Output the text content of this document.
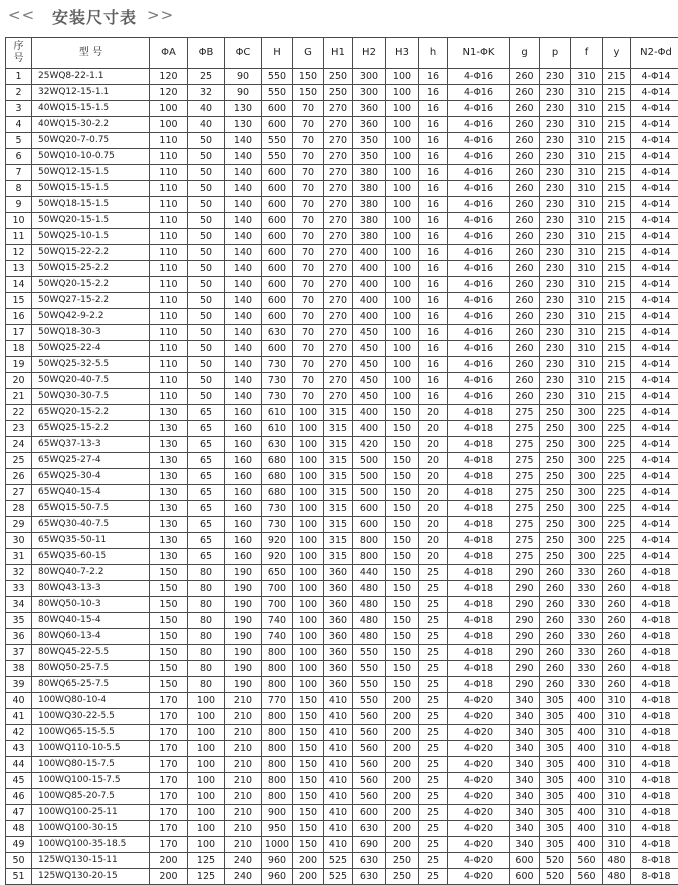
<< 安装尺寸表 >>
序
号	型 号	ΦA	ΦB	ΦC	H	G	H1	H2	H3	h	N1-ΦK	g	p	f	y	N2-Φd
1	25WQ8-22-1.1	120	25	90	550	150	250	300	100	16	4-Φ16	260	230	310	215	4-Φ14
2	32WQ12-15-1.1	120	32	90	550	150	250	300	100	16	4-Φ16	260	230	310	215	4-Φ14
3	40WQ15-15-1.5	100	40	130	600	70	270	360	100	16	4-Φ16	260	230	310	215	4-Φ14
4	40WQ15-30-2.2	100	40	130	600	70	270	360	100	16	4-Φ16	260	230	310	215	4-Φ14
5	50WQ20-7-0.75	110	50	140	550	70	270	350	100	16	4-Φ16	260	230	310	215	4-Φ14
6	50WQ10-10-0.75	110	50	140	550	70	270	350	100	16	4-Φ16	260	230	310	215	4-Φ14
7	50WQ12-15-1.5	110	50	140	600	70	270	380	100	16	4-Φ16	260	230	310	215	4-Φ14
8	50WQ15-15-1.5	110	50	140	600	70	270	380	100	16	4-Φ16	260	230	310	215	4-Φ14
9	50WQ18-15-1.5	110	50	140	600	70	270	380	100	16	4-Φ16	260	230	310	215	4-Φ14
10	50WQ20-15-1.5	110	50	140	600	70	270	380	100	16	4-Φ16	260	230	310	215	4-Φ14
11	50WQ25-10-1.5	110	50	140	600	70	270	380	100	16	4-Φ16	260	230	310	215	4-Φ14
12	50WQ15-22-2.2	110	50	140	600	70	270	400	100	16	4-Φ16	260	230	310	215	4-Φ14
13	50WQ15-25-2.2	110	50	140	600	70	270	400	100	16	4-Φ16	260	230	310	215	4-Φ14
14	50WQ20-15-2.2	110	50	140	600	70	270	400	100	16	4-Φ16	260	230	310	215	4-Φ14
15	50WQ27-15-2.2	110	50	140	600	70	270	400	100	16	4-Φ16	260	230	310	215	4-Φ14
16	50WQ42-9-2.2	110	50	140	600	70	270	400	100	16	4-Φ16	260	230	310	215	4-Φ14
17	50WQ18-30-3	110	50	140	630	70	270	450	100	16	4-Φ16	260	230	310	215	4-Φ14
18	50WQ25-22-4	110	50	140	600	70	270	450	100	16	4-Φ16	260	230	310	215	4-Φ14
19	50WQ25-32-5.5	110	50	140	730	70	270	450	100	16	4-Φ16	260	230	310	215	4-Φ14
20	50WQ20-40-7.5	110	50	140	730	70	270	450	100	16	4-Φ16	260	230	310	215	4-Φ14
21	50WQ30-30-7.5	110	50	140	730	70	270	450	100	16	4-Φ16	260	230	310	215	4-Φ14
22	65WQ20-15-2.2	130	65	160	610	100	315	400	150	20	4-Φ18	275	250	300	225	4-Φ14
23	65WQ25-15-2.2	130	65	160	610	100	315	400	150	20	4-Φ18	275	250	300	225	4-Φ14
24	65WQ37-13-3	130	65	160	630	100	315	420	150	20	4-Φ18	275	250	300	225	4-Φ14
25	65WQ25-27-4	130	65	160	680	100	315	500	150	20	4-Φ18	275	250	300	225	4-Φ14
26	65WQ25-30-4	130	65	160	680	100	315	500	150	20	4-Φ18	275	250	300	225	4-Φ14
27	65WQ40-15-4	130	65	160	680	100	315	500	150	20	4-Φ18	275	250	300	225	4-Φ14
28	65WQ15-50-7.5	130	65	160	730	100	315	600	150	20	4-Φ18	275	250	300	225	4-Φ14
29	65WQ30-40-7.5	130	65	160	730	100	315	600	150	20	4-Φ18	275	250	300	225	4-Φ14
30	65WQ35-50-11	130	65	160	920	100	315	800	150	20	4-Φ18	275	250	300	225	4-Φ14
31	65WQ35-60-15	130	65	160	920	100	315	800	150	20	4-Φ18	275	250	300	225	4-Φ14
32	80WQ40-7-2.2	150	80	190	650	100	360	440	150	25	4-Φ18	290	260	330	260	4-Φ18
33	80WQ43-13-3	150	80	190	700	100	360	480	150	25	4-Φ18	290	260	330	260	4-Φ18
34	80WQ50-10-3	150	80	190	700	100	360	480	150	25	4-Φ18	290	260	330	260	4-Φ18
35	80WQ40-15-4	150	80	190	740	100	360	480	150	25	4-Φ18	290	260	330	260	4-Φ18
36	80WQ60-13-4	150	80	190	740	100	360	480	150	25	4-Φ18	290	260	330	260	4-Φ18
37	80WQ45-22-5.5	150	80	190	800	100	360	550	150	25	4-Φ18	290	260	330	260	4-Φ18
38	80WQ50-25-7.5	150	80	190	800	100	360	550	150	25	4-Φ18	290	260	330	260	4-Φ18
39	80WQ65-25-7.5	150	80	190	800	100	360	550	150	25	4-Φ18	290	260	330	260	4-Φ18
40	100WQ80-10-4	170	100	210	770	150	410	550	200	25	4-Φ20	340	305	400	310	4-Φ18
41	100WQ30-22-5.5	170	100	210	800	150	410	560	200	25	4-Φ20	340	305	400	310	4-Φ18
42	100WQ65-15-5.5	170	100	210	800	150	410	560	200	25	4-Φ20	340	305	400	310	4-Φ18
43	100WQ110-10-5.5	170	100	210	800	150	410	560	200	25	4-Φ20	340	305	400	310	4-Φ18
44	100WQ80-15-7.5	170	100	210	800	150	410	560	200	25	4-Φ20	340	305	400	310	4-Φ18
45	100WQ100-15-7.5	170	100	210	800	150	410	560	200	25	4-Φ20	340	305	400	310	4-Φ18
46	100WQ85-20-7.5	170	100	210	800	150	410	560	200	25	4-Φ20	340	305	400	310	4-Φ18
47	100WQ100-25-11	170	100	210	900	150	410	600	200	25	4-Φ20	340	305	400	310	4-Φ18
48	100WQ100-30-15	170	100	210	950	150	410	630	200	25	4-Φ20	340	305	400	310	4-Φ18
49	100WQ100-35-18.5	170	100	210	1000	150	410	690	200	25	4-Φ20	340	305	400	310	4-Φ18
50	125WQ130-15-11	200	125	240	960	200	525	630	250	25	4-Φ20	600	520	560	480	8-Φ18
51	125WQ130-20-15	200	125	240	960	200	525	630	250	25	4-Φ20	600	520	560	480	8-Φ18
